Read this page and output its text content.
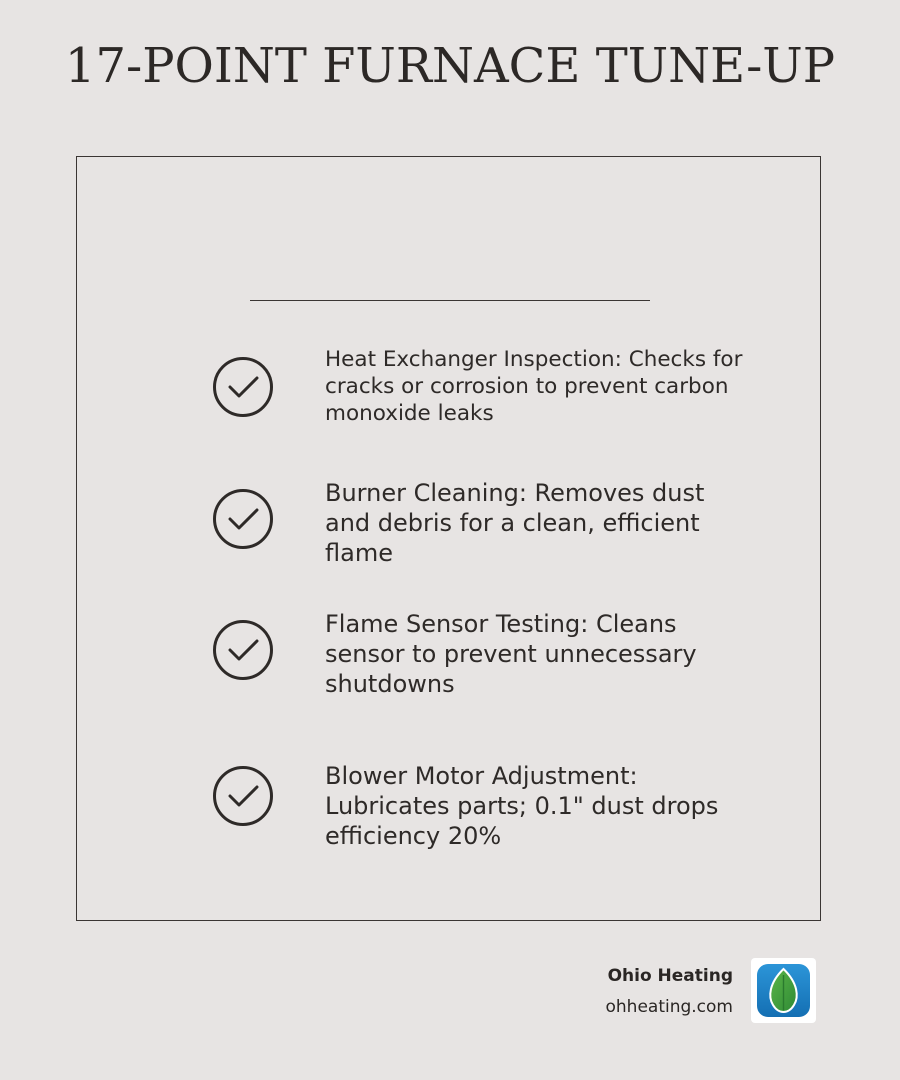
17-POINT FURNACE TUNE-UP

Heat Exchanger Inspection: Checks for cracks or corrosion to prevent carbon monoxide leaks

Burner Cleaning: Removes dust and debris for a clean, efficient flame

Flame Sensor Testing: Cleans sensor to prevent unnecessary shutdowns

Blower Motor Adjustment: Lubricates parts; 0.1" dust drops efficiency 20%

Ohio Heating
ohheating.com
